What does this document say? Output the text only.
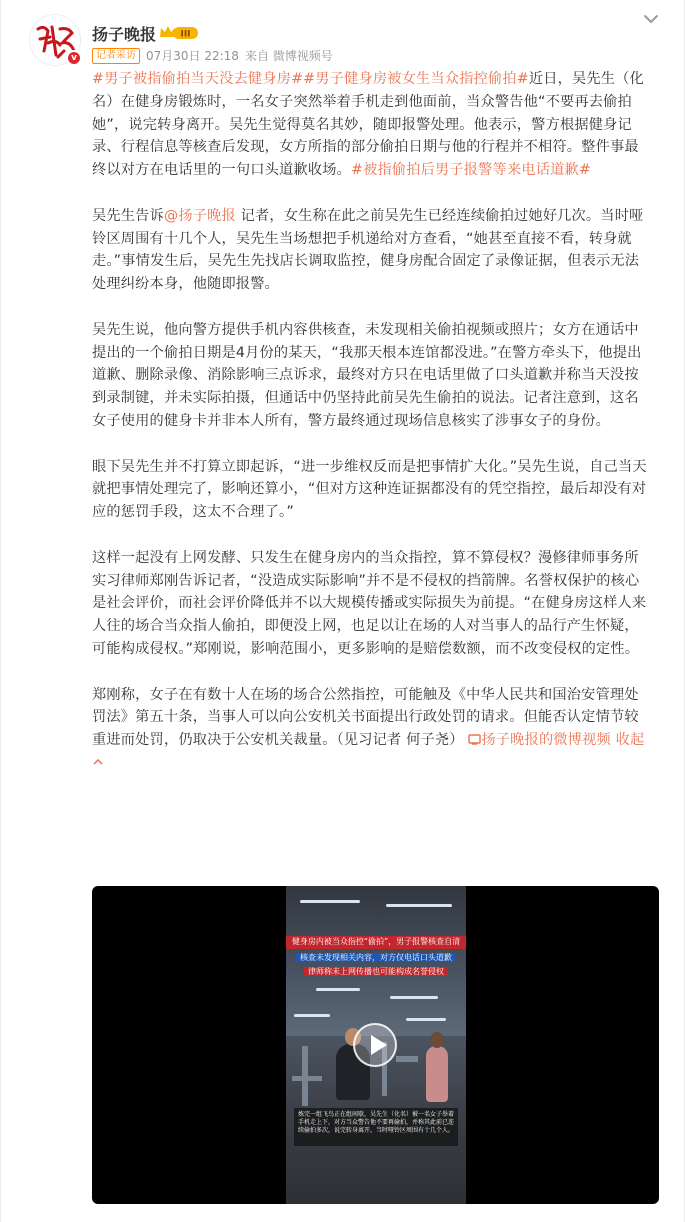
v
扬子晚报	III
记者采访 07月30日 22:18 来自 微博视频号

#男子被指偷拍当天没去健身房##男子健身房被女生当众指控偷拍#近日，吴先生（化名）在健身房锻炼时，一名女子突然举着手机走到他面前，当众警告他“不要再去偷拍她”，说完转身离开。吴先生觉得莫名其妙，随即报警处理。他表示，警方根据健身记录、行程信息等核查后发现，女方所指的部分偷拍日期与他的行程并不相符。整件事最终以对方在电话里的一句口头道歉收场。#被指偷拍后男子报警等来电话道歉#

吴先生告诉@扬子晚报 记者，女生称在此之前吴先生已经连续偷拍过她好几次。当时哑铃区周围有十几个人，吴先生当场想把手机递给对方查看，“她甚至直接不看，转身就走。”事情发生后，吴先生先找店长调取监控，健身房配合固定了录像证据，但表示无法处理纠纷本身，他随即报警。

吴先生说，他向警方提供手机内容供核查，未发现相关偷拍视频或照片；女方在通话中提出的一个偷拍日期是4月份的某天，“我那天根本连馆都没进。”在警方牵头下，他提出道歉、删除录像、消除影响三点诉求，最终对方只在电话里做了口头道歉并称当天没按到录制键，并未实际拍摄，但通话中仍坚持此前吴先生偷拍的说法。记者注意到，这名女子使用的健身卡并非本人所有，警方最终通过现场信息核实了涉事女子的身份。

眼下吴先生并不打算立即起诉，“进一步维权反而是把事情扩大化。”吴先生说，自己当天就把事情处理完了，影响还算小，“但对方这种连证据都没有的凭空指控，最后却没有对应的惩罚手段，这太不合理了。”

这样一起没有上网发酵、只发生在健身房内的当众指控，算不算侵权？漫修律师事务所实习律师郑刚告诉记者，“没造成实际影响”并不是不侵权的挡箭牌。名誉权保护的核心是社会评价，而社会评价降低并不以大规模传播或实际损失为前提。“在健身房这样人来人往的场合当众指人偷拍，即便没上网，也足以让在场的人对当事人的品行产生怀疑，可能构成侵权。”郑刚说，影响范围小，更多影响的是赔偿数额，而不改变侵权的定性。

郑刚称，女子在有数十人在场的场合公然指控，可能触及《中华人民共和国治安管理处罚法》第五十条，当事人可以向公安机关书面提出行政处罚的请求。但能否认定情节较重进而处罚，仍取决于公安机关裁量。（见习记者 何子尧） 扬子晚报的微博视频 收起

健身房内被当众指控“偷拍”，男子报警核查自清
核查未发现相关内容，对方仅电话口头道歉
律师称未上网传播也可能构成名誉侵权
炼完一组飞鸟正在组间歇，吴先生（化名）被一名女子举着手机走上下，对方当众警告他不要再偷拍，并称其此前已连续偷拍多次，说完转身离开，当时哑铃区周围有十几个人。
